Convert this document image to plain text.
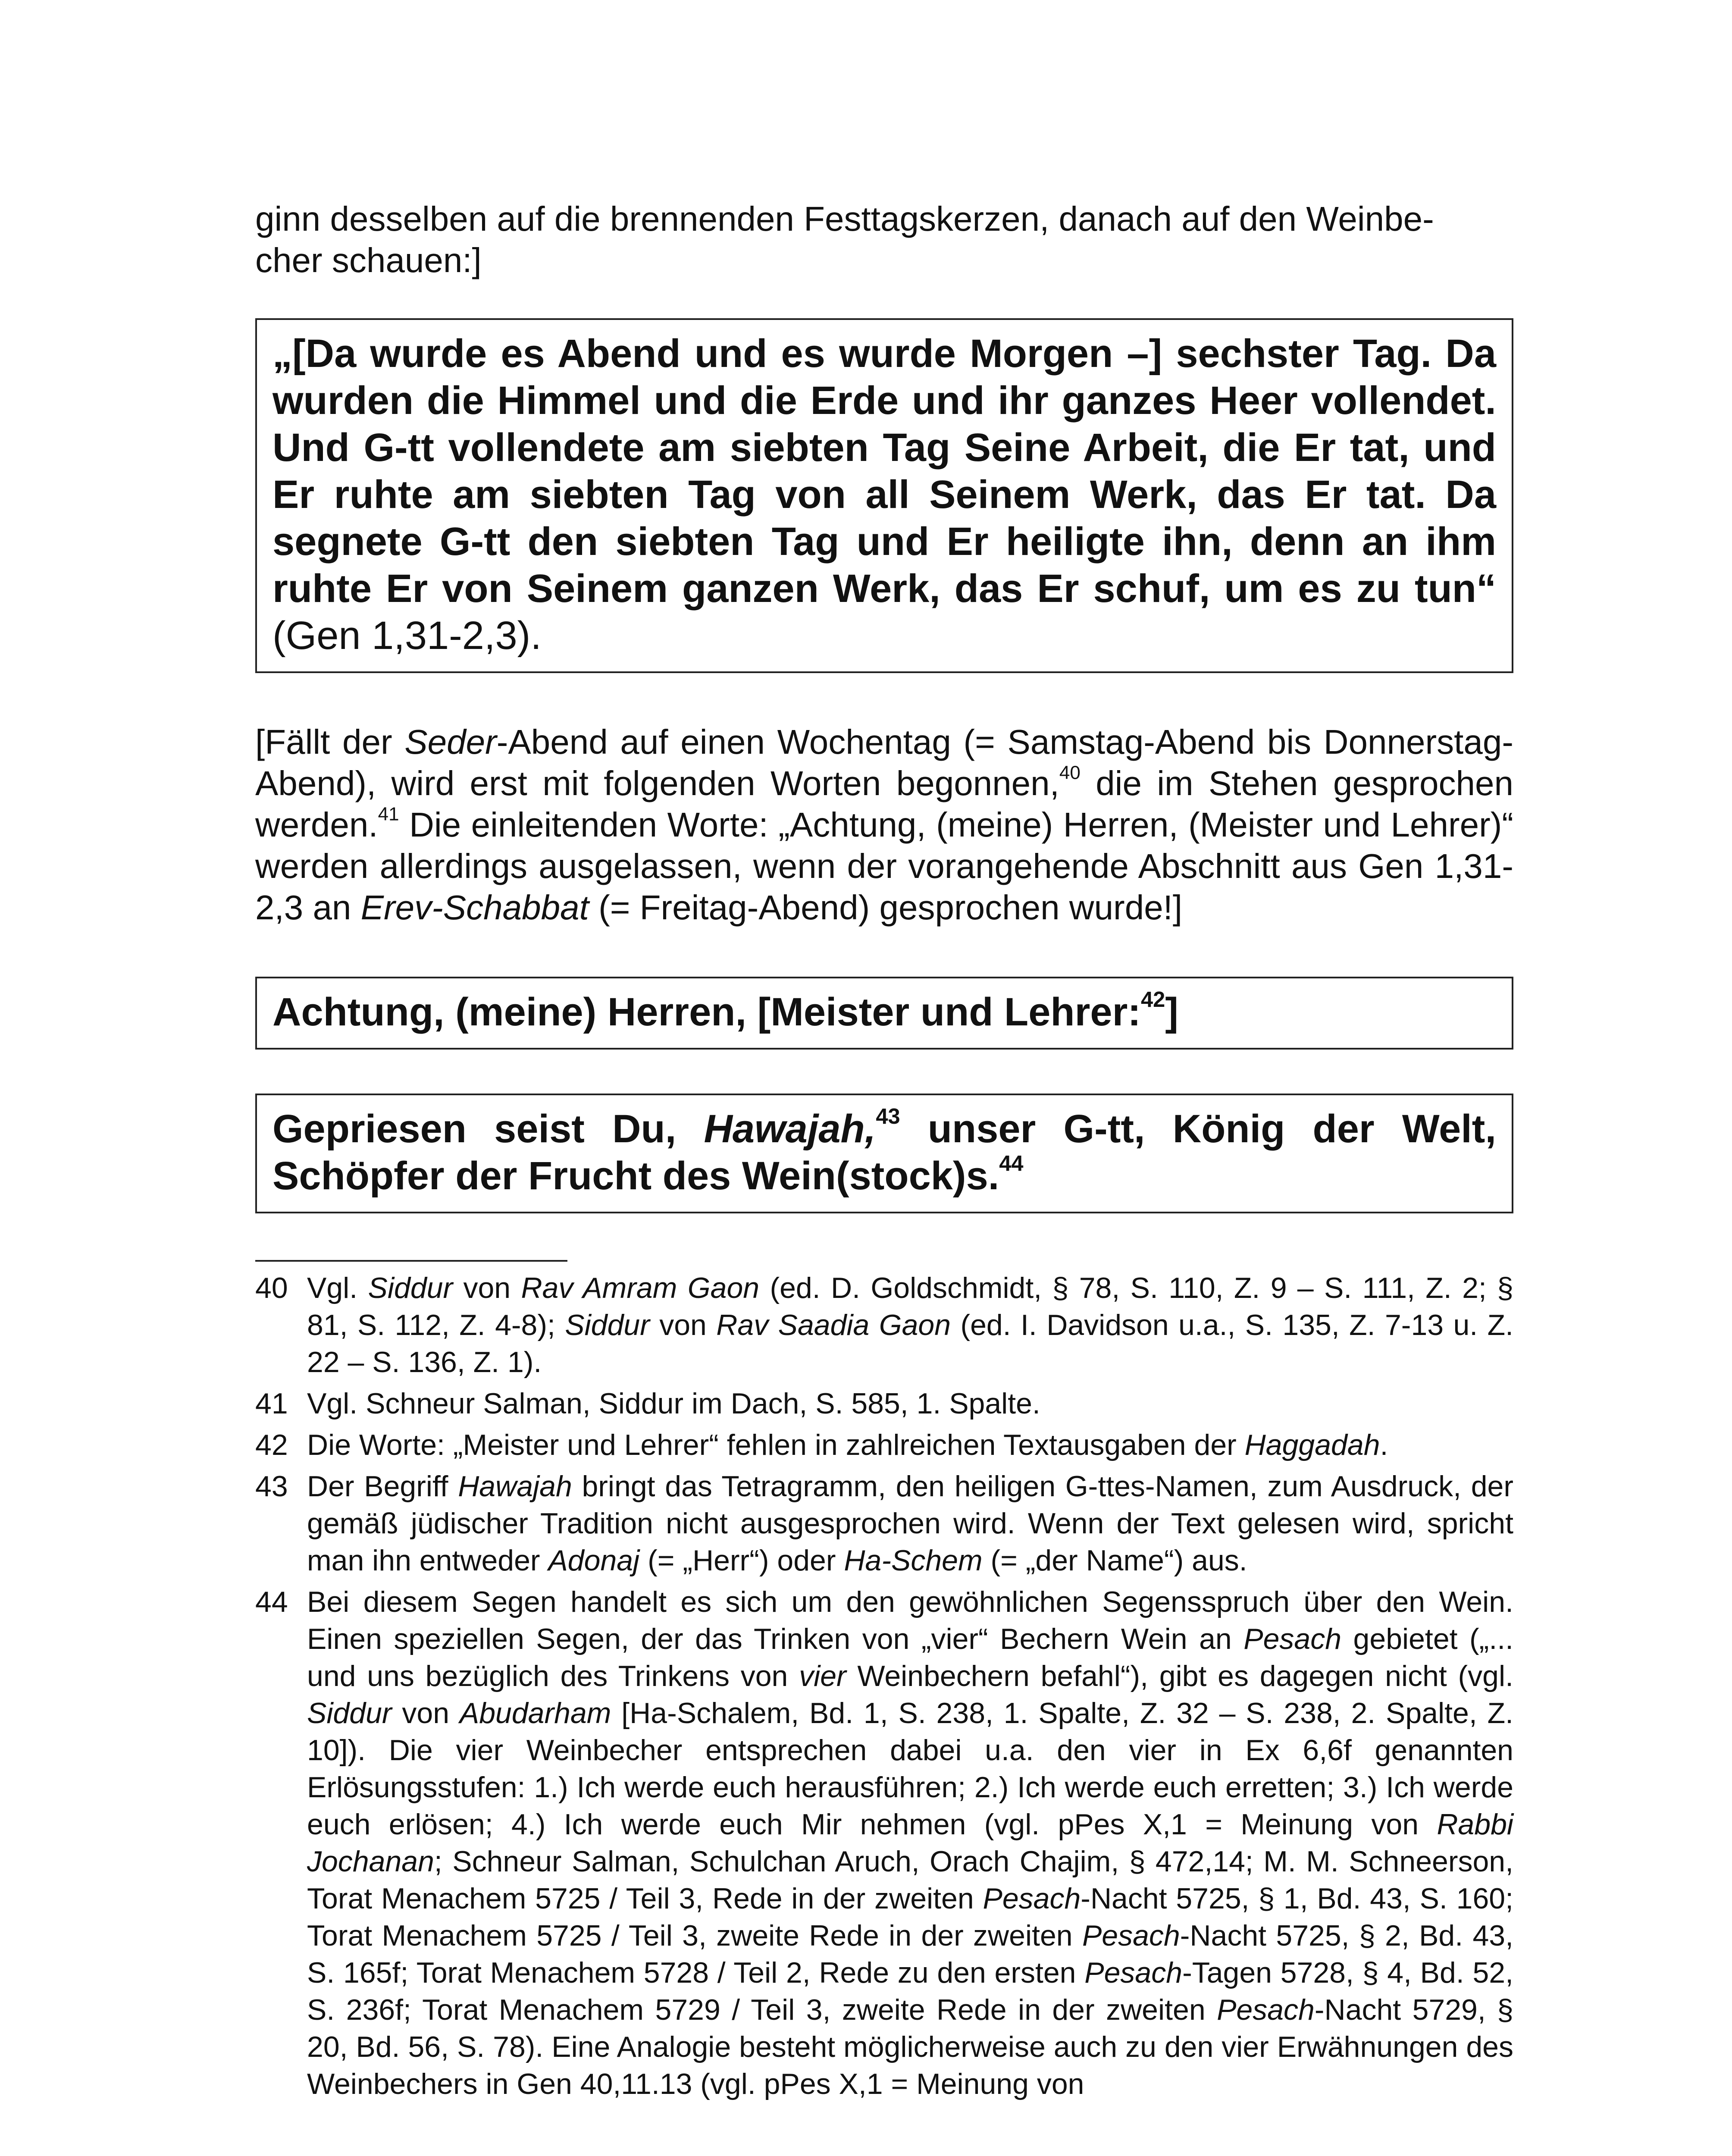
ginn desselben auf die brennenden Festtagskerzen, danach auf den Weinbe-
cher schauen:]

„[Da wurde es Abend und es wurde Morgen –] sechster Tag. Da wurden die Himmel und die Erde und ihr ganzes Heer vollendet. Und G-tt vollendete am siebten Tag Seine Arbeit, die Er tat, und Er ruhte am siebten Tag von all Seinem Werk, das Er tat. Da segnete G-tt den siebten Tag und Er heiligte ihn, denn an ihm ruhte Er von Seinem ganzen Werk, das Er schuf, um es zu tun“ (Gen 1,31-2,3).

[Fällt der Seder-Abend auf einen Wochentag (= Samstag-Abend bis Donnerstag-Abend), wird erst mit folgenden Worten begonnen,$^{40}$ die im Stehen gesprochen werden.$^{41}$ Die einleitenden Worte: „Achtung, (meine) Herren, (Meister und Lehrer)“ werden allerdings ausgelassen, wenn der vorangehende Abschnitt aus Gen 1,31-2,3 an Erev-Schabbat (= Freitag-Abend) gesprochen wurde!]

Achtung, (meine) Herren, [Meister und Lehrer:$^{42}$]

Gepriesen seist Du, Hawajah,$^{43}$ unser G-tt, König der Welt, Schöpfer der Frucht des Wein(stock)s.$^{44}$

40 Vgl. Siddur von Rav Amram Gaon (ed. D. Goldschmidt, § 78, S. 110, Z. 9 – S. 111, Z. 2; § 81, S. 112, Z. 4-8); Siddur von Rav Saadia Gaon (ed. I. Davidson u.a., S. 135, Z. 7-13 u. Z. 22 – S. 136, Z. 1).
41 Vgl. Schneur Salman, Siddur im Dach, S. 585, 1. Spalte.
42 Die Worte: „Meister und Lehrer“ fehlen in zahlreichen Textausgaben der Haggadah.
43 Der Begriff Hawajah bringt das Tetragramm, den heiligen G-ttes-Namen, zum Ausdruck, der gemäß jüdischer Tradition nicht ausgesprochen wird. Wenn der Text gelesen wird, spricht man ihn entweder Adonaj (= „Herr“) oder Ha-Schem (= „der Name“) aus.
44 Bei diesem Segen handelt es sich um den gewöhnlichen Segensspruch über den Wein. Einen speziellen Segen, der das Trinken von „vier“ Bechern Wein an Pesach gebietet („... und uns bezüglich des Trinkens von vier Weinbechern befahl“), gibt es dagegen nicht (vgl. Siddur von Abudarham [Ha-Schalem, Bd. 1, S. 238, 1. Spalte, Z. 32 – S. 238, 2. Spalte, Z. 10]). Die vier Weinbecher entsprechen dabei u.a. den vier in Ex 6,6f genannten Erlösungsstufen: 1.) Ich werde euch herausführen; 2.) Ich werde euch erretten; 3.) Ich werde euch erlösen; 4.) Ich werde euch Mir nehmen (vgl. pPes X,1 = Meinung von Rabbi Jochanan; Schneur Salman, Schulchan Aruch, Orach Chajim, § 472,14; M. M. Schneerson, Torat Menachem 5725 / Teil 3, Rede in der zweiten Pesach-Nacht 5725, § 1, Bd. 43, S. 160; Torat Menachem 5725 / Teil 3, zweite Rede in der zweiten Pesach-Nacht 5725, § 2, Bd. 43, S. 165f; Torat Menachem 5728 / Teil 2, Rede zu den ersten Pesach-Tagen 5728, § 4, Bd. 52, S. 236f; Torat Menachem 5729 / Teil 3, zweite Rede in der zweiten Pesach-Nacht 5729, § 20, Bd. 56, S. 78). Eine Analogie besteht möglicherweise auch zu den vier Erwähnungen des Weinbechers in Gen 40,11.13 (vgl. pPes X,1 = Meinung von
